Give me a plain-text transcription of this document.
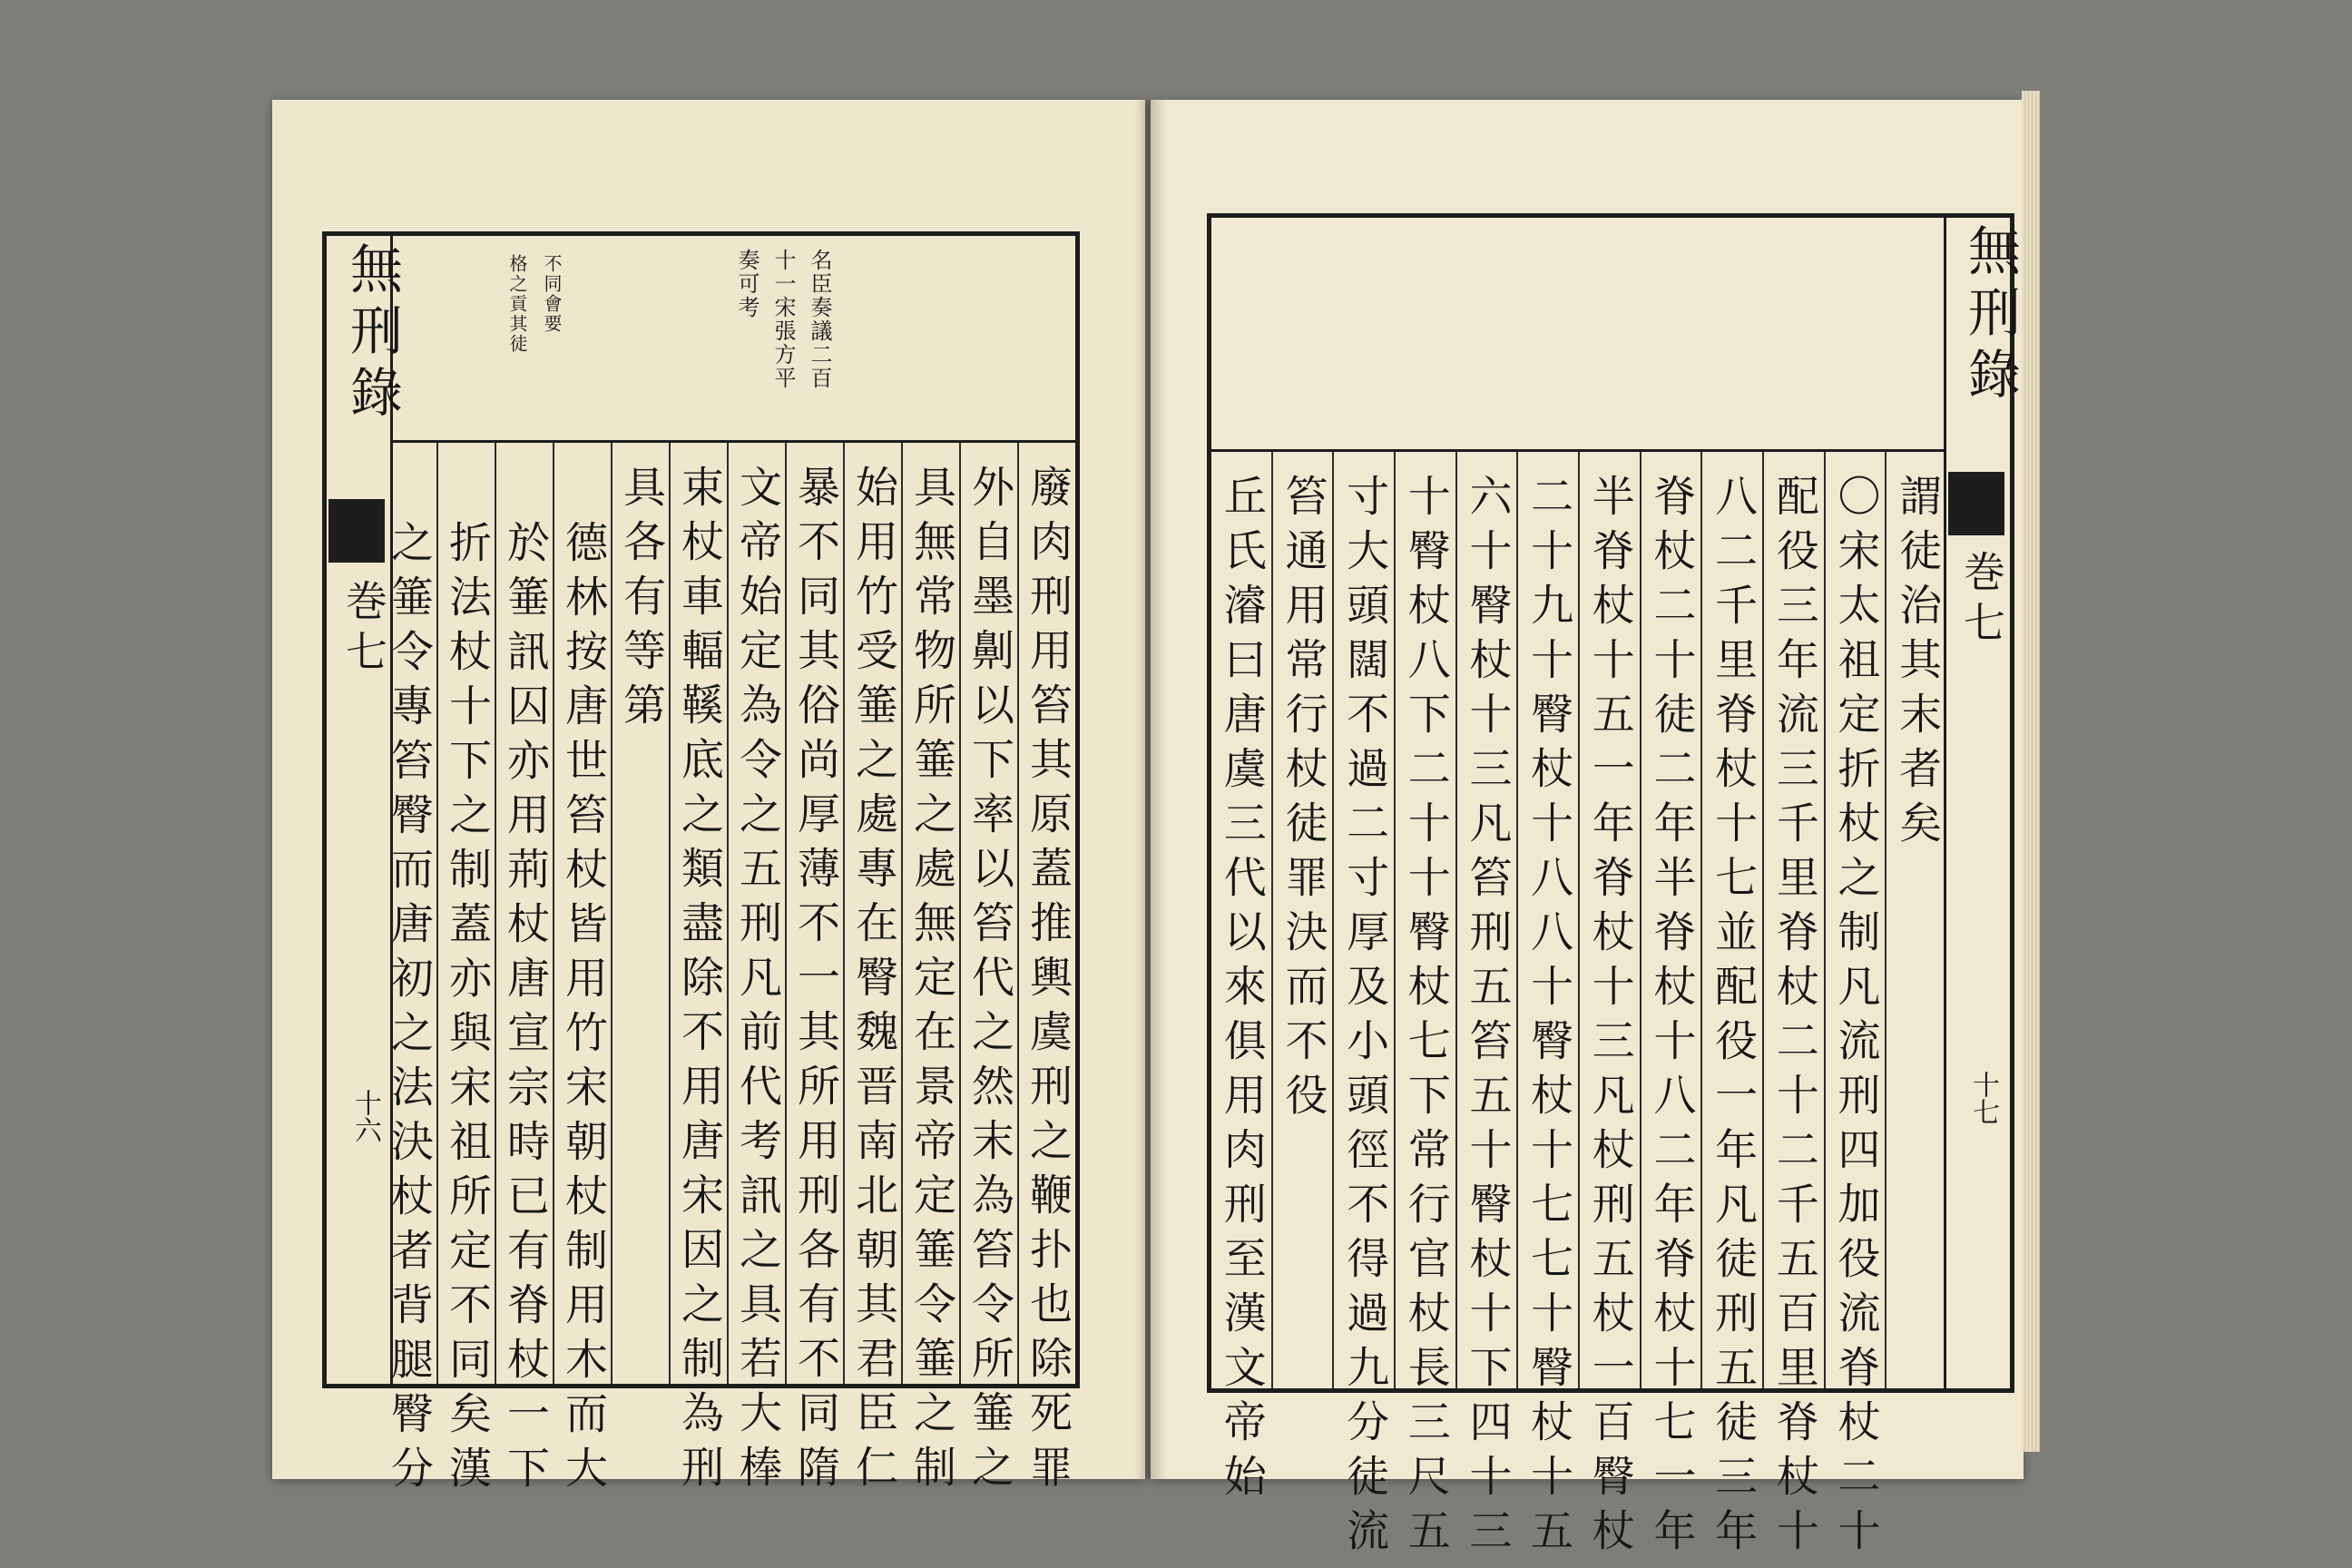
無刑錄
巻七
十六
名臣奏議二百
十一宋張方平
奏可考
不同會要
格之貢其徒
廢肉刑用笞其原蓋推輿虞刑之鞭扑也除死罪
外自墨劓以下率以笞代之然末為笞令所箠之
具無常物所箠之處無定在景帝定箠令箠之制
始用竹受箠之處專在臀魏晋南北朝其君臣仁
暴不同其俗尚厚薄不一其所用刑各有不同隋
文帝始定為令之五刑凡前代考訊之具若大棒
束杖車輻鞵底之類盡除不用唐宋因之制為刑
具各有等第
德林按唐世笞杖皆用竹宋朝杖制用木而大
於箠訊囚亦用荊杖唐宣宗時已有脊杖一下
折法杖十下之制蓋亦與宋祖所定不同矣漢
之箠令專笞臀而唐初之法決杖者背腿臀分
無刑錄
巻七
十七
謂徒治其末者矣
〇宋太祖定折杖之制凡流刑四加役流脊杖二十
配役三年流三千里脊杖二十二千五百里脊杖十
八二千里脊杖十七並配役一年凡徒刑五徒三年
脊杖二十徒二年半脊杖十八二年脊杖十七一年
半脊杖十五一年脊杖十三凡杖刑五杖一百臀杖
二十九十臀杖十八八十臀杖十七七十臀杖十五
六十臀杖十三凡笞刑五笞五十臀杖十下四十三
十臀杖八下二十十臀杖七下常行官杖長三尺五
寸大頭闊不過二寸厚及小頭徑不得過九分徒流
笞通用常行杖徒罪決而不役
丘氏濬曰唐虞三代以來俱用肉刑至漢文帝始
